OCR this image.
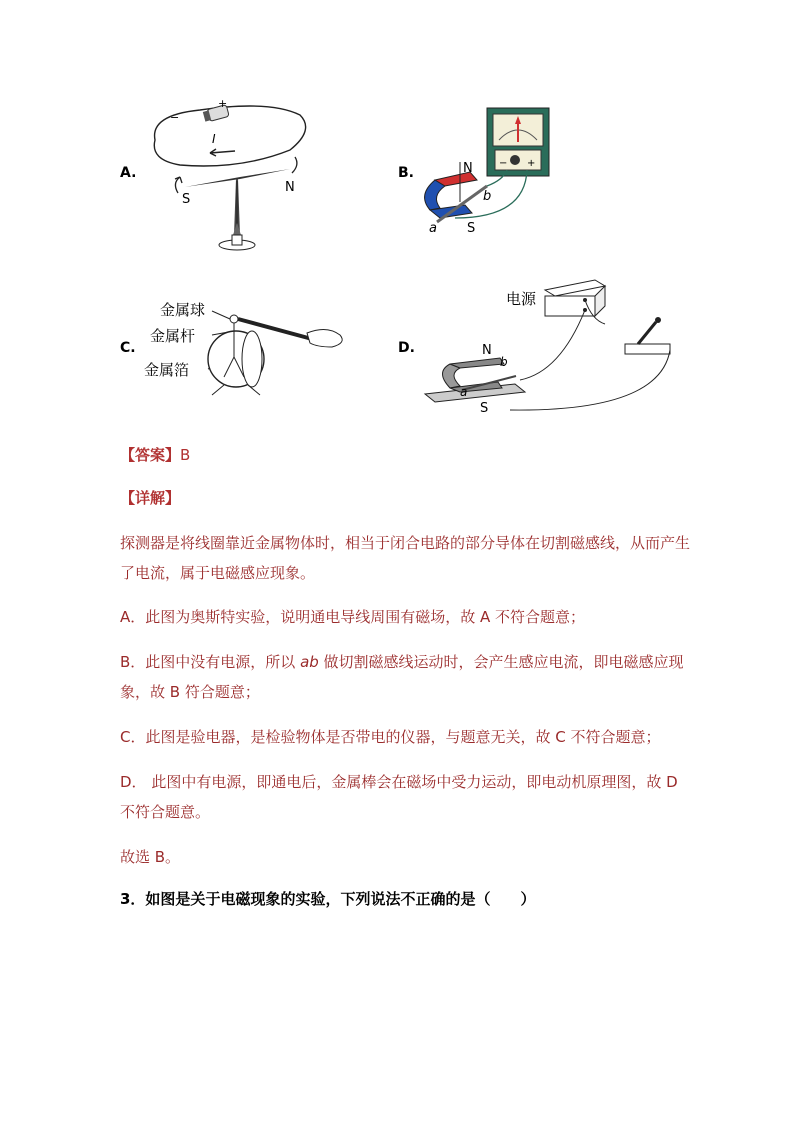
A.
−
+
I
S
N
B.
− +
N
S
a
b
C.
金属球
金属杆
金属箔
D.
电源
N
S
a
b
【答案】B
【详解】
探测器是将线圈靠近金属物体时，相当于闭合电路的部分导体在切割磁感线，从而产生了电流，属于电磁感应现象。
A．此图为奥斯特实验，说明通电导线周围有磁场，故 A 不符合题意；
B．此图中没有电源，所以 ab 做切割磁感线运动时，会产生感应电流，即电磁感应现象，故 B 符合题意；
C．此图是验电器，是检验物体是否带电的仪器，与题意无关，故 C 不符合题意；
D． 此图中有电源，即通电后，金属棒会在磁场中受力运动，即电动机原理图，故 D 不符合题意。
故选 B。
3．如图是关于电磁现象的实验，下列说法不正确的是（　　）
